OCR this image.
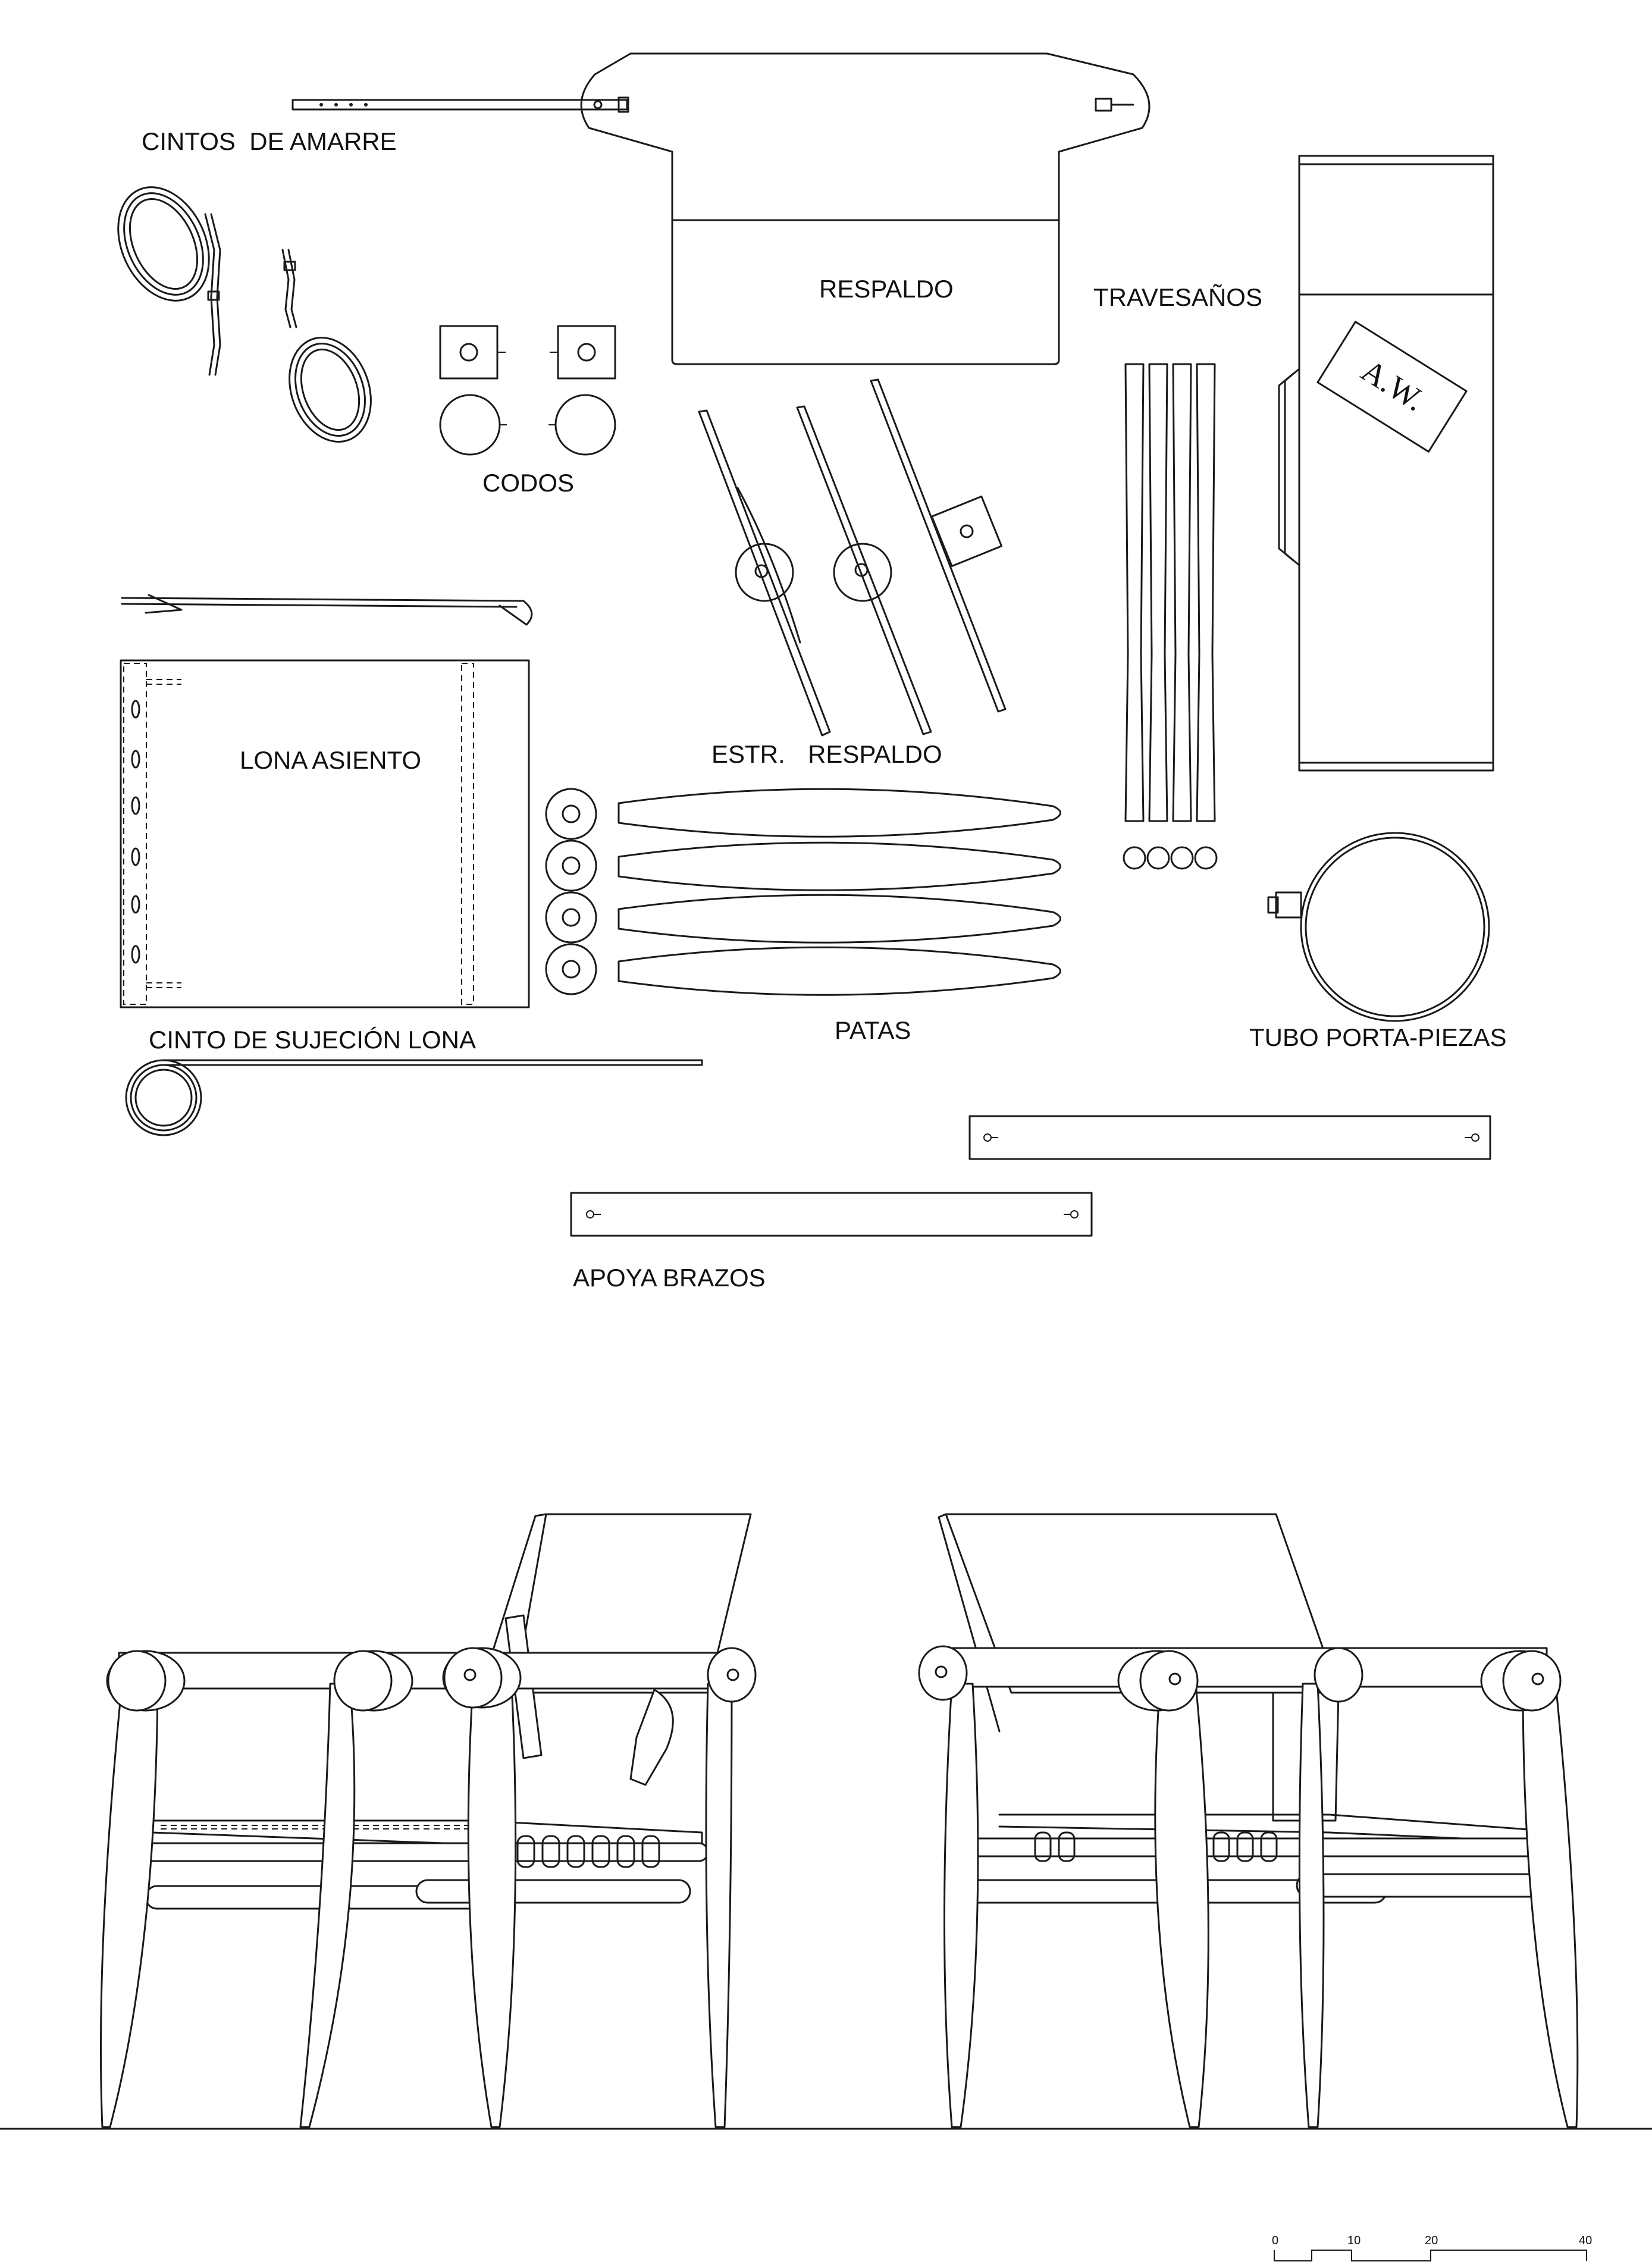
CINTOS  DE AMARRE
RESPALDO	TRAVESAÑOS
CODOS
LONA ASIENTO	ESTR. RESPALDO
CINTO DE SUJECIÓN LONA	PATAS	TUBO PORTA-PIEZAS
APOYA BRAZOS
A.W.
0	10	20	40
